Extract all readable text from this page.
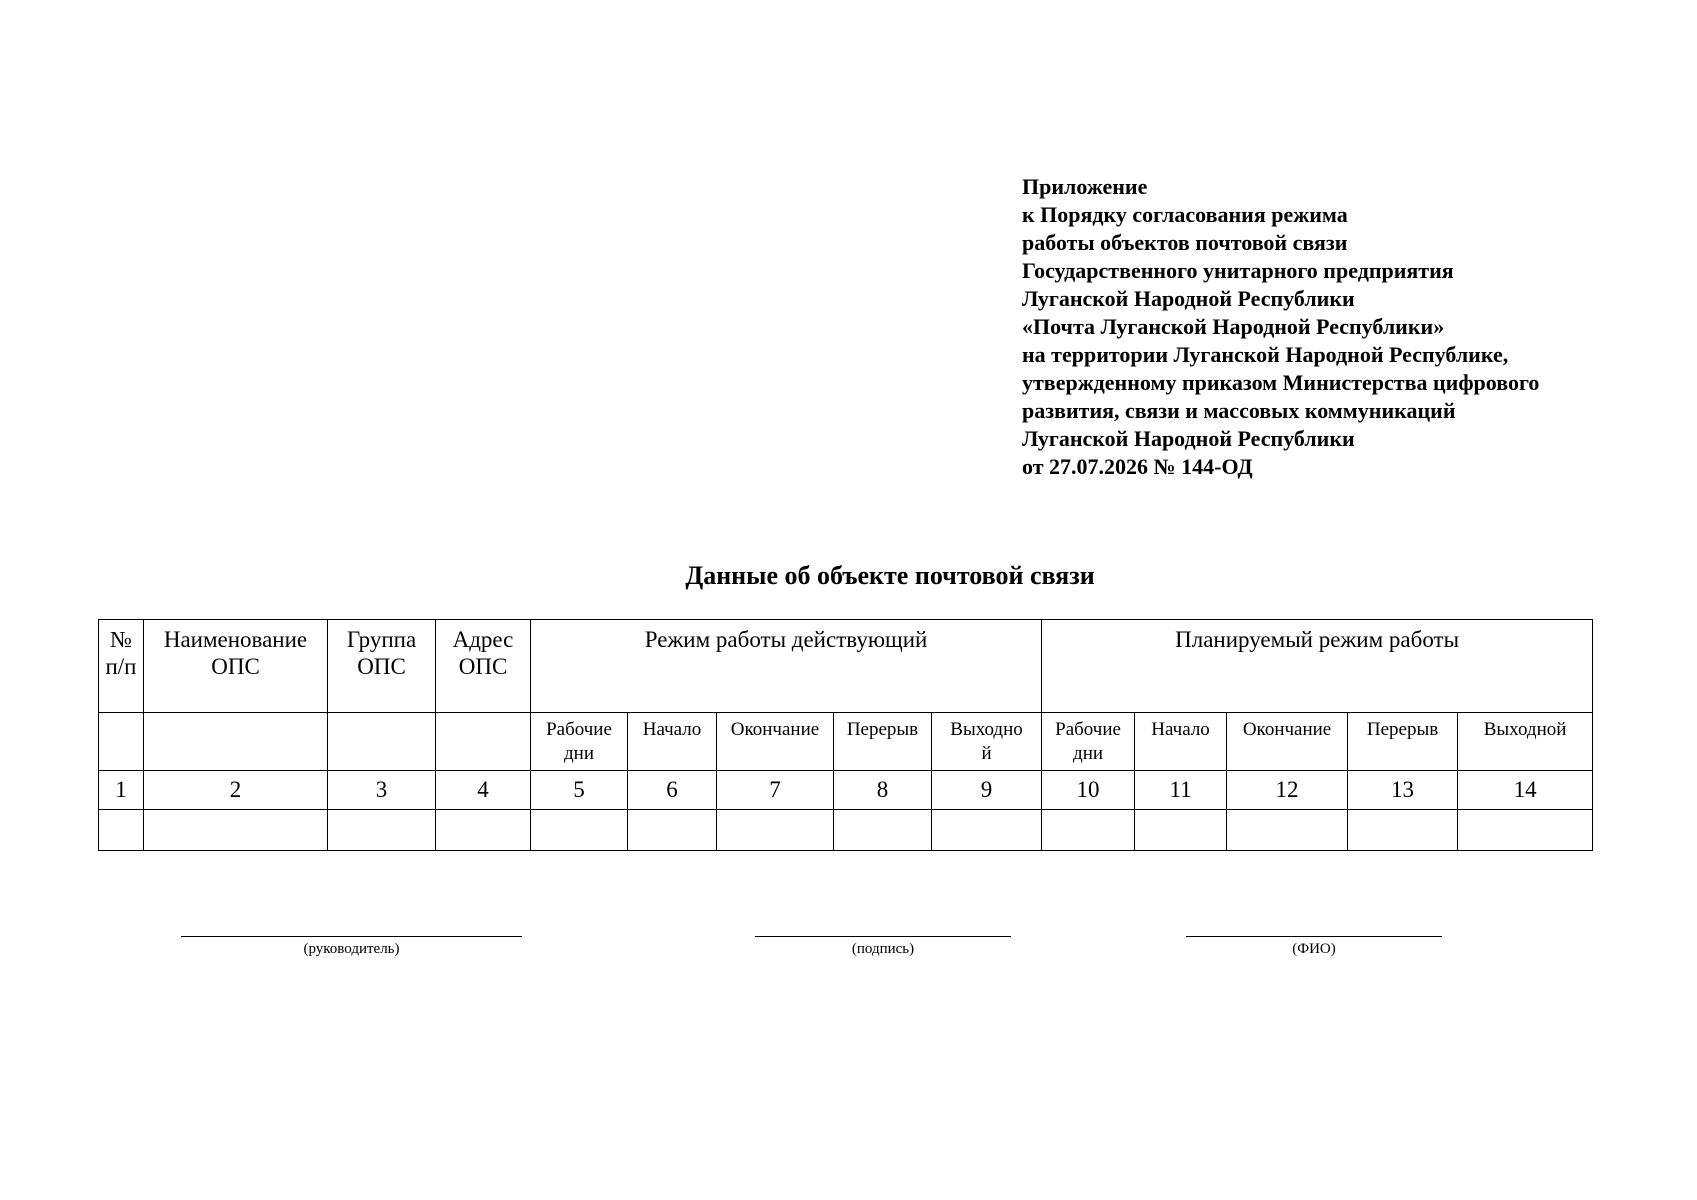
Приложение
к Порядку согласования режима
работы объектов почтовой связи
Государственного унитарного предприятия
Луганской Народной Республики
«Почта Луганской Народной Республики»
на территории Луганской Народной Республике,
утвержденному приказом Министерства цифрового
развития, связи и массовых коммуникаций
Луганской Народной Республики
от 27.07.2026 № 144-ОД
Данные об объекте почтовой связи
№ п/п	Наименование ОПС	Группа ОПС	Адрес ОПС	Режим работы действующий					Планируемый режим работы				
				Рабочие дни	Начало	Окончание	Перерыв	Выходной	Рабочие дни	Начало	Окончание	Перерыв	Выходной
1	2	3	4	5	6	7	8	9	10	11	12	13	14

(руководитель)	(подпись)	(ФИО)
